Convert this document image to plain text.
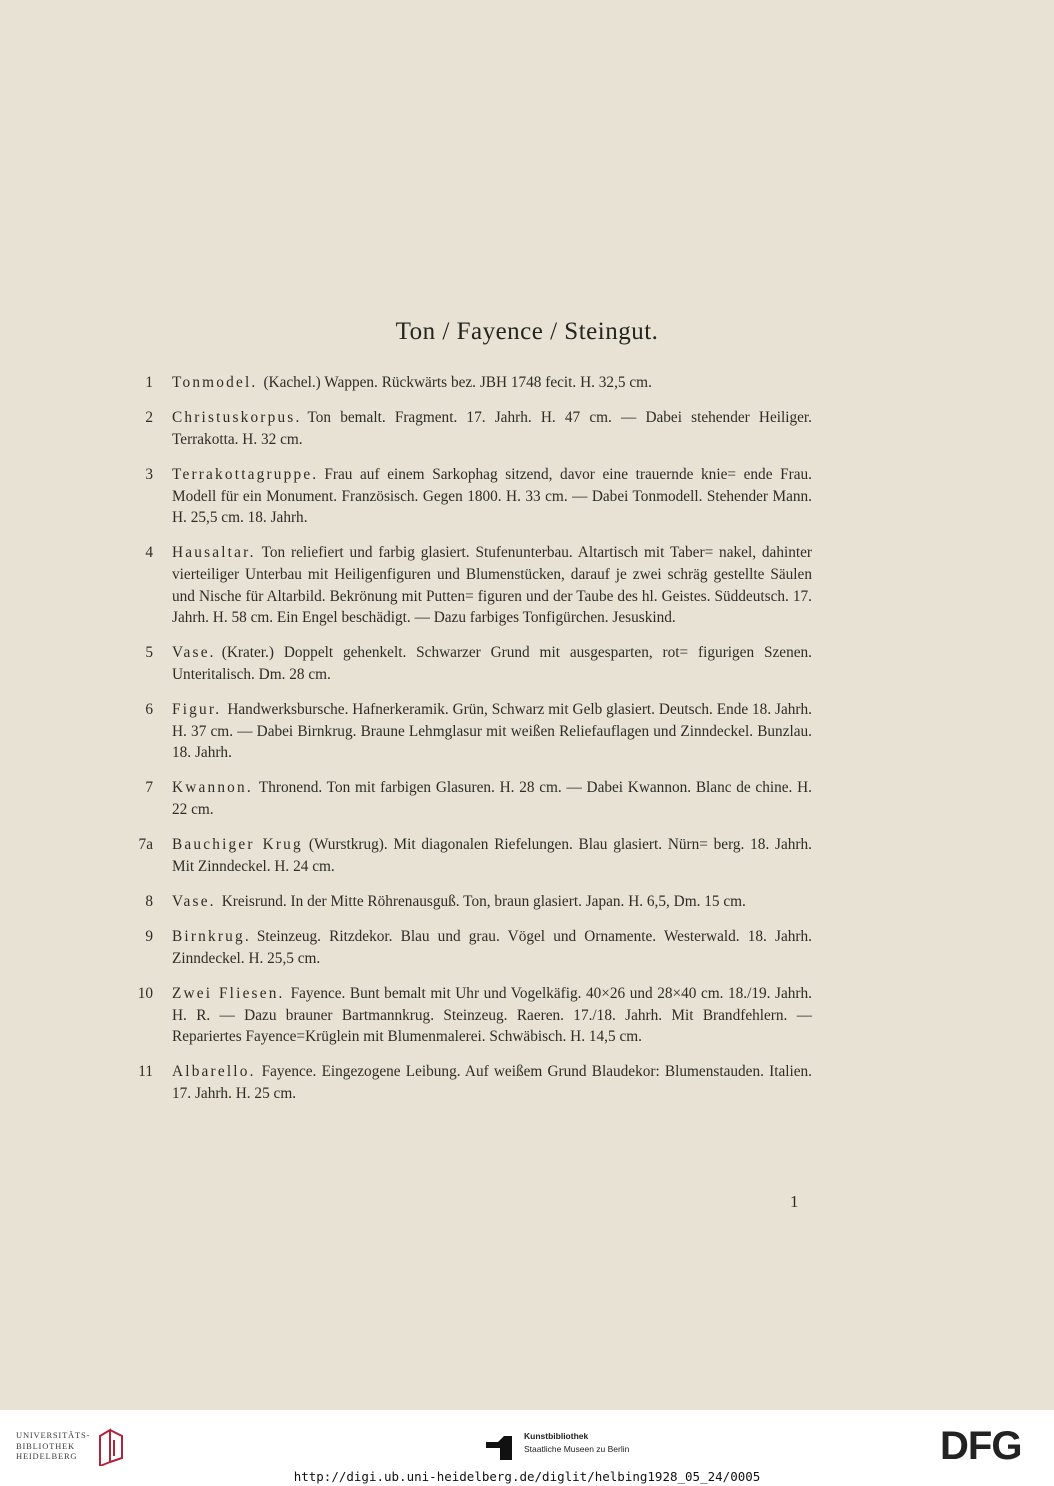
Ton / Fayence / Steingut.
1 Tonmodel. (Kachel.) Wappen. Rückwärts bez. JBH 1748 fecit. H. 32,5 cm.
2 Christuskorpus. Ton bemalt. Fragment. 17. Jahrh. H. 47 cm. — Dabei stehender Heiliger. Terrakotta. H. 32 cm.
3 Terrakottagruppe. Frau auf einem Sarkophag sitzend, davor eine trauernde knie= ende Frau. Modell für ein Monument. Französisch. Gegen 1800. H. 33 cm. — Dabei Tonmodell. Stehender Mann. H. 25,5 cm. 18. Jahrh.
4 Hausaltar. Ton reliefiert und farbig glasiert. Stufenunterbau. Altartisch mit Taber= nakel, dahinter vierteiliger Unterbau mit Heiligenfiguren und Blumenstücken, darauf je zwei schräg gestellte Säulen und Nische für Altarbild. Bekrönung mit Putten= figuren und der Taube des hl. Geistes. Süddeutsch. 17. Jahrh. H. 58 cm. Ein Engel beschädigt. — Dazu farbiges Tonfigürchen. Jesuskind.
5 Vase. (Krater.) Doppelt gehenkelt. Schwarzer Grund mit ausgesparten, rot= figurigen Szenen. Unteritalisch. Dm. 28 cm.
6 Figur. Handwerksbursche. Hafnerkeramik. Grün, Schwarz mit Gelb glasiert. Deutsch. Ende 18. Jahrh. H. 37 cm. — Dabei Birnkrug. Braune Lehmglasur mit weißen Reliefauflagen und Zinndeckel. Bunzlau. 18. Jahrh.
7 Kwannon. Thronend. Ton mit farbigen Glasuren. H. 28 cm. — Dabei Kwannon. Blanc de chine. H. 22 cm.
7a Bauchiger Krug (Wurstkrug). Mit diagonalen Riefelungen. Blau glasiert. Nürn= berg. 18. Jahrh. Mit Zinndeckel. H. 24 cm.
8 Vase. Kreisrund. In der Mitte Röhrenausguß. Ton, braun glasiert. Japan. H. 6,5, Dm. 15 cm.
9 Birnkrug. Steinzeug. Ritzdekor. Blau und grau. Vögel und Ornamente. Westerwald. 18. Jahrh. Zinndeckel. H. 25,5 cm.
10 Zwei Fliesen. Fayence. Bunt bemalt mit Uhr und Vogelkäfig. 40×26 und 28×40 cm. 18./19. Jahrh. H. R. — Dazu brauner Bartmannkrug. Steinzeug. Raeren. 17./18. Jahrh. Mit Brandfehlern. — Repariertes Fayence=Krüglein mit Blumenmalerei. Schwäbisch. H. 14,5 cm.
11 Albarello. Fayence. Eingezogene Leibung. Auf weißem Grund Blaudekor: Blumenstauden. Italien. 17. Jahrh. H. 25 cm.
1
UNIVERSITÄTS-
BIBLIOTHEK
HEIDELBERG
Kunstbibliothek
Staatliche Museen zu Berlin	DFG
http://digi.ub.uni-heidelberg.de/diglit/helbing1928_05_24/0005
